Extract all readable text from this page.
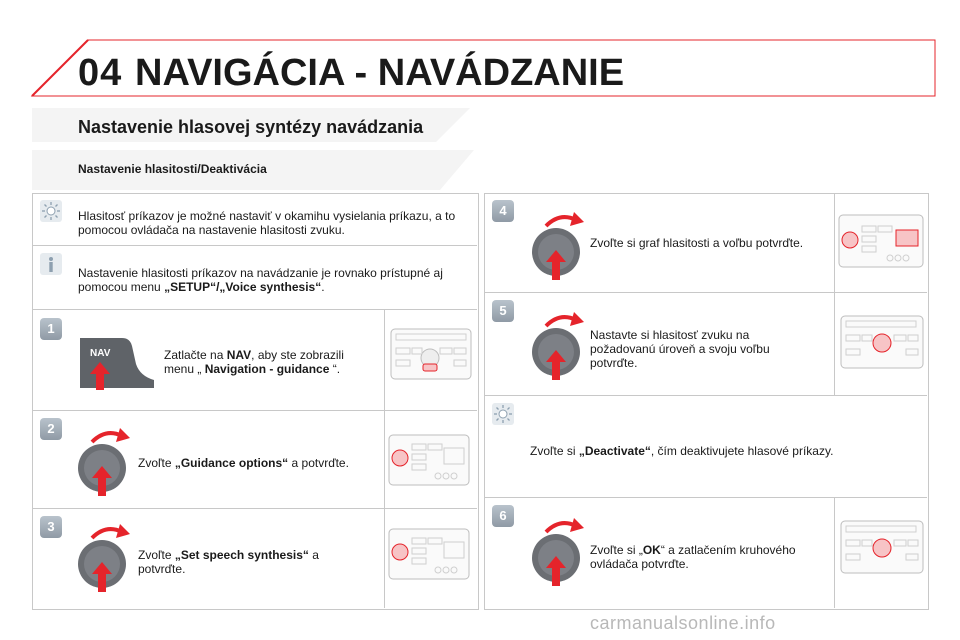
04 NAVIGÁCIA - NAVÁDZANIE
Nastavenie hlasovej syntézy navádzania
Nastavenie hlasitosti/Deaktivácia
Hlasitosť príkazov je možné nastaviť v okamihu vysielania príkazu, a to pomocou ovládača na nastavenie hlasitosti zvuku.
Nastavenie hlasitosti príkazov na navádzanie je rovnako prístupné aj pomocou menu „SETUP“/„Voice synthesis“.
1
NAV	Zatlačte na NAV, aby ste zobrazili menu „ Navigation - guidance “.
2
Zvoľte „Guidance options“ a potvrďte.
3
Zvoľte „Set speech synthesis“ a potvrďte.
4
Zvoľte si graf hlasitosti a voľbu potvrďte.
5
Nastavte si hlasitosť zvuku na požadovanú úroveň a svoju voľbu potvrďte.
Zvoľte si „Deactivate“, čím deaktivujete hlasové príkazy.
6
Zvoľte si „OK“ a zatlačením kruhového ovládača potvrďte.
carmanualsonline.info
